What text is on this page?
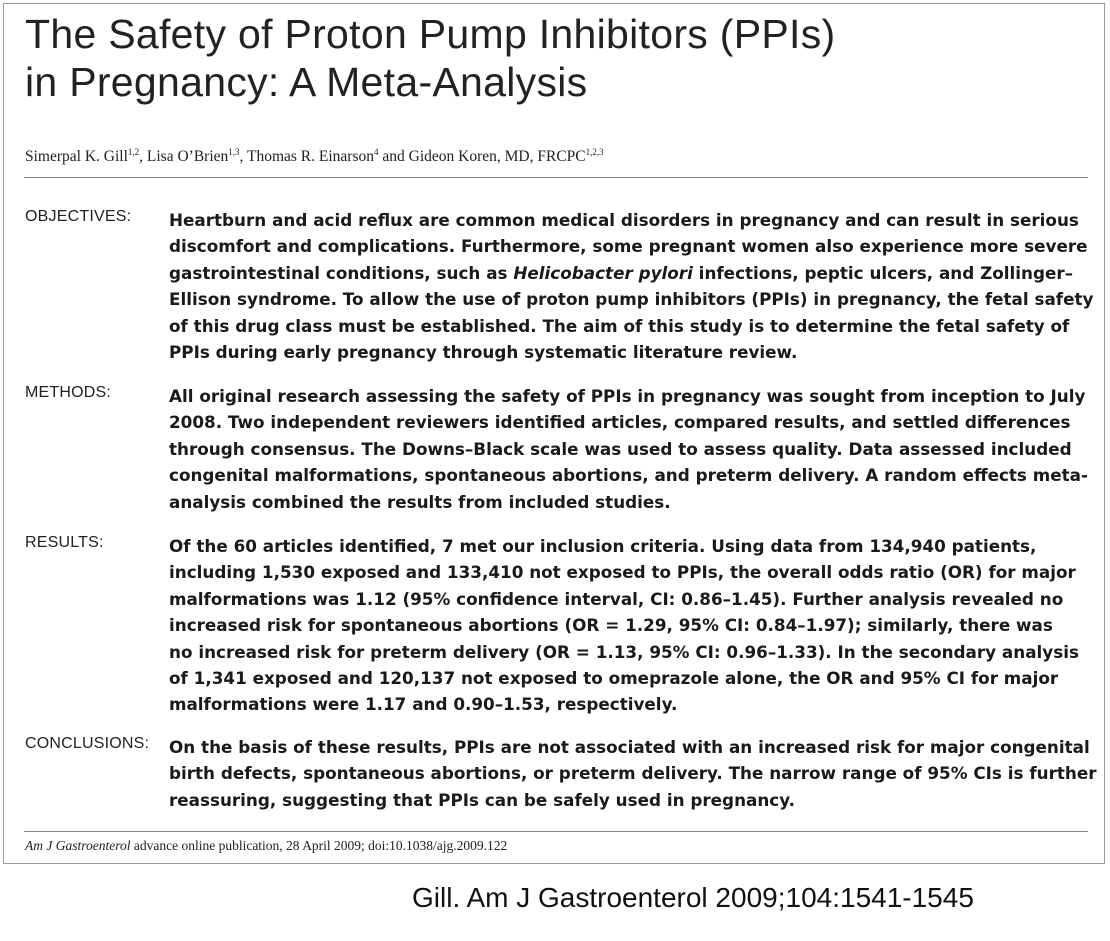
The Safety of Proton Pump Inhibitors (PPIs)
in Pregnancy: A Meta-Analysis
Simerpal K. Gill$^{1,2}$, Lisa O’Brien$^{1,3}$, Thomas R. Einarson$^4$ and Gideon Koren, MD, FRCPC$^{1,2,3}$
OBJECTIVES: Heartburn and acid reflux are common medical disorders in pregnancy and can result in serious
discomfort and complications. Furthermore, some pregnant women also experience more severe
gastrointestinal conditions, such as Helicobacter pylori infections, peptic ulcers, and Zollinger–
Ellison syndrome. To allow the use of proton pump inhibitors (PPIs) in pregnancy, the fetal safety
of this drug class must be established. The aim of this study is to determine the fetal safety of
PPIs during early pregnancy through systematic literature review.
METHODS:	All original research assessing the safety of PPIs in pregnancy was sought from inception to July
2008. Two independent reviewers identified articles, compared results, and settled differences
through consensus. The Downs–Black scale was used to assess quality. Data assessed included
congenital malformations, spontaneous abortions, and preterm delivery. A random effects meta-
analysis combined the results from included studies.
RESULTS:	Of the 60 articles identified, 7 met our inclusion criteria. Using data from 134,940 patients,
including 1,530 exposed and 133,410 not exposed to PPIs, the overall odds ratio (OR) for major
malformations was 1.12 (95% confidence interval, CI: 0.86–1.45). Further analysis revealed no
increased risk for spontaneous abortions (OR = 1.29, 95% CI: 0.84–1.97); similarly, there was
no increased risk for preterm delivery (OR = 1.13, 95% CI: 0.96–1.33). In the secondary analysis
of 1,341 exposed and 120,137 not exposed to omeprazole alone, the OR and 95% CI for major
malformations were 1.17 and 0.90–1.53, respectively.
CONCLUSIONS: On the basis of these results, PPIs are not associated with an increased risk for major congenital
birth defects, spontaneous abortions, or preterm delivery. The narrow range of 95% CIs is further
reassuring, suggesting that PPIs can be safely used in pregnancy.
Am J Gastroenterol advance online publication, 28 April 2009; doi:10.1038/ajg.2009.122
Gill. Am J Gastroenterol 2009;104:1541-1545
